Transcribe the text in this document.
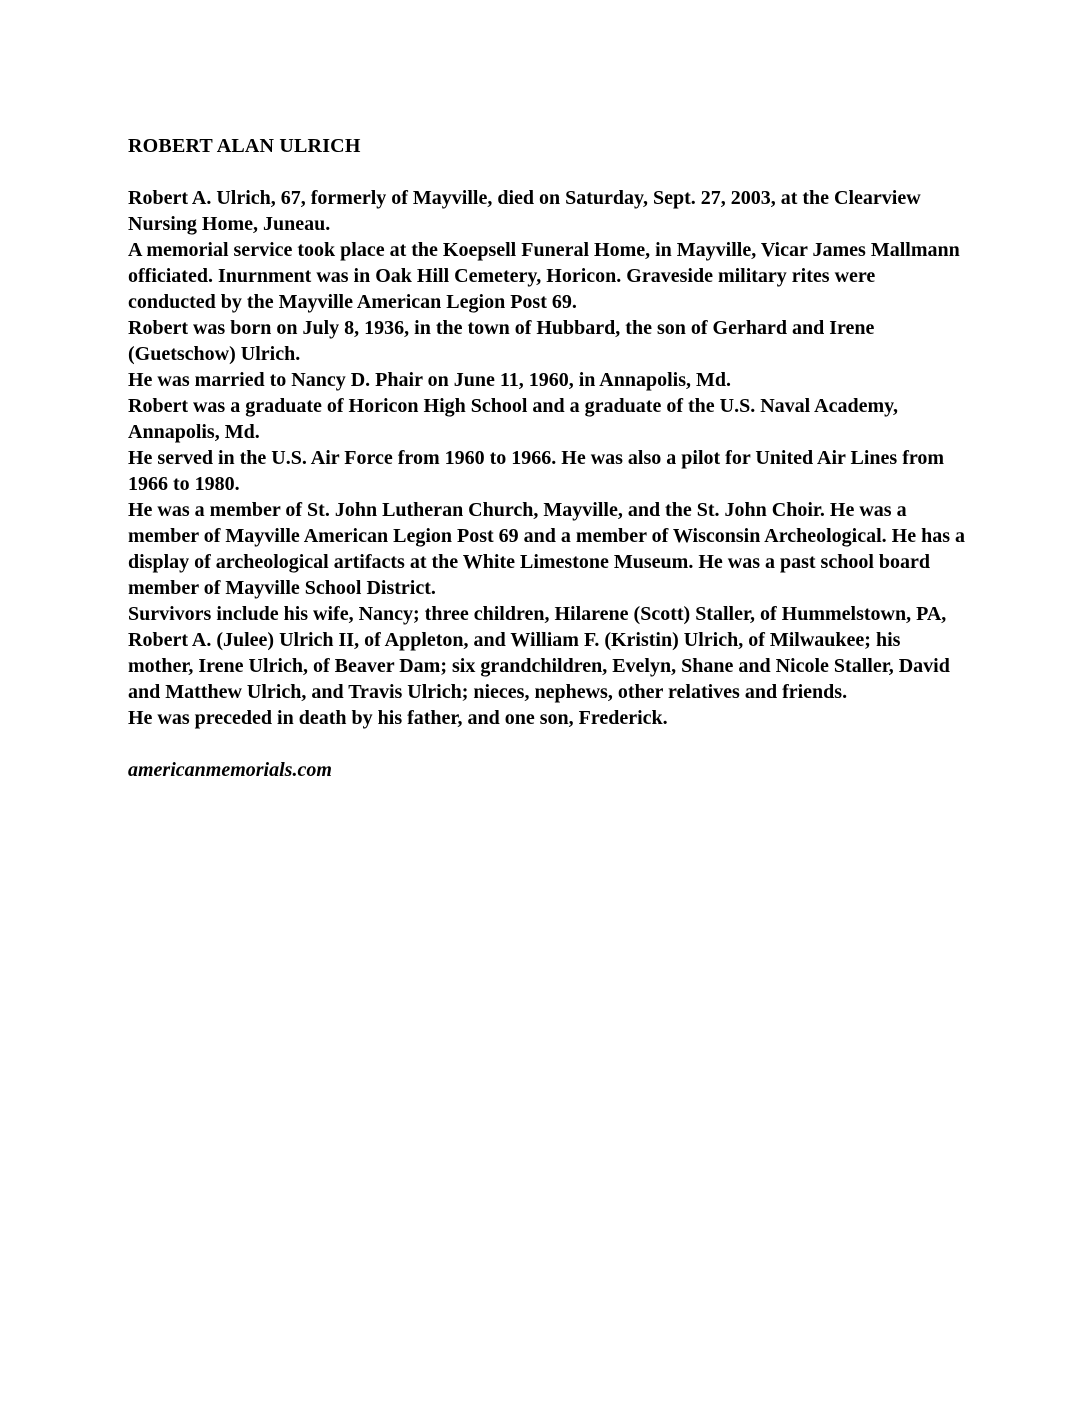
ROBERT ALAN ULRICH

Robert A. Ulrich, 67, formerly of Mayville, died on Saturday, Sept. 27, 2003, at the Clearview Nursing Home, Juneau.

A memorial service took place at the Koepsell Funeral Home, in Mayville, Vicar James Mallmann officiated. Inurnment was in Oak Hill Cemetery, Horicon. Graveside military rites were conducted by the Mayville American Legion Post 69.

Robert was born on July 8, 1936, in the town of Hubbard, the son of Gerhard and Irene (Guetschow) Ulrich.

He was married to Nancy D. Phair on June 11, 1960, in Annapolis, Md.

Robert was a graduate of Horicon High School and a graduate of the U.S. Naval Academy, Annapolis, Md.

He served in the U.S. Air Force from 1960 to 1966. He was also a pilot for United Air Lines from 1966 to 1980.

He was a member of St. John Lutheran Church, Mayville, and the St. John Choir. He was a member of Mayville American Legion Post 69 and a member of Wisconsin Archeological. He has a display of archeological artifacts at the White Limestone Museum. He was a past school board member of Mayville School District.

Survivors include his wife, Nancy; three children, Hilarene (Scott) Staller, of Hummelstown, PA, Robert A. (Julee) Ulrich II, of Appleton, and William F. (Kristin) Ulrich, of Milwaukee; his mother, Irene Ulrich, of Beaver Dam; six grandchildren, Evelyn, Shane and Nicole Staller, David and Matthew Ulrich, and Travis Ulrich; nieces, nephews, other relatives and friends.

He was preceded in death by his father, and one son, Frederick.

americanmemorials.com
